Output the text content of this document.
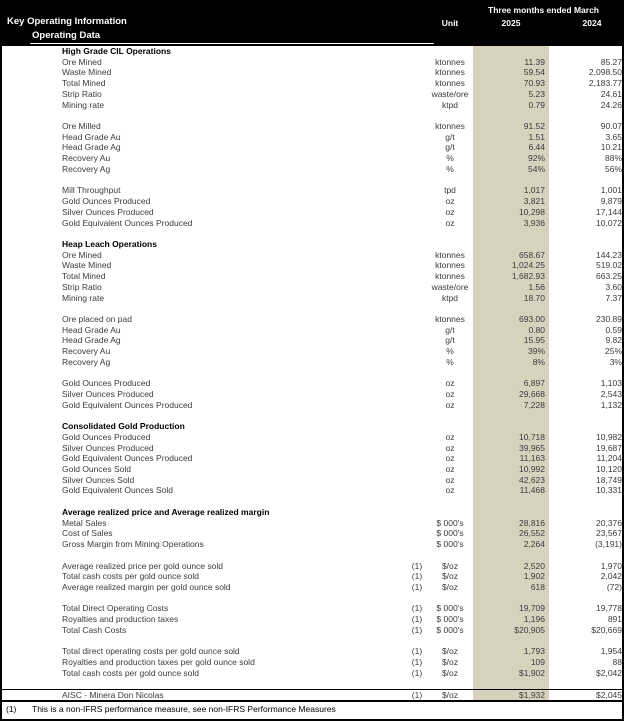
Three months ended March
Key Operating Information	Unit	2025	2024
Operating Data
High Grade CIL Operations
Ore Mined	ktonnes	11.39	85.27
Waste Mined	ktonnes	59.54	2,098.50
Total Mined	ktonnes	70.93	2,183.77
Strip Ratio	waste/ore	5.23	24.61
Mining rate	ktpd	0.79	24.26
Ore Milled	ktonnes	91.52	90.07
Head Grade Au	g/t	1.51	3.65
Head Grade Ag	g/t	6.44	10.21
Recovery Au	%	92%	88%
Recovery Ag	%	54%	56%
Mill Throughput	tpd	1,017	1,001
Gold Ounces Produced	oz	3,821	9,879
Silver Ounces Produced	oz	10,298	17,144
Gold Equivalent Ounces Produced	oz	3,936	10,072
Heap Leach Operations
Ore Mined	ktonnes	658.67	144.23
Waste Mined	ktonnes	1,024.25	519.02
Total Mined	ktonnes	1,682.93	663.25
Strip Ratio	waste/ore	1.56	3.60
Mining rate	ktpd	18.70	7.37
Ore placed on pad	ktonnes	693.00	230.89
Head Grade Au	g/t	0.80	0.59
Head Grade Ag	g/t	15.95	9.82
Recovery Au	%	39%	25%
Recovery Ag	%	8%	3%
Gold Ounces Produced	oz	6,897	1,103
Silver Ounces Produced	oz	29,668	2,543
Gold Equivalent Ounces Produced	oz	7,228	1,132
Consolidated Gold Production
Gold Ounces Produced	oz	10,718	10,982
Silver Ounces Produced	oz	39,965	19,687
Gold Equivalent Ounces Produced	oz	11,163	11,204
Gold Ounces Sold	oz	10,992	10,120
Silver Ounces Sold	oz	42,623	18,749
Gold Equivalent Ounces Sold	oz	11,468	10,331
Average realized price and Average realized margin
Metal Sales	$ 000's	28,816	20,376
Cost of Sales	$ 000's	26,552	23,567
Gross Margin from Mining Operations	$ 000's	2,264	(3,191)
Average realized price per gold ounce sold	(1)	$/oz	2,520	1,970
Total cash costs per gold ounce sold	(1)	$/oz	1,902	2,042
Average realized margin per gold ounce sold	(1)	$/oz	618	(72)
Total Direct Operating Costs	(1)	$ 000's	19,709	19,778
Royalties and production taxes	(1)	$ 000's	1,196	891
Total Cash Costs	(1)	$ 000's	$20,905	$20,669
Total direct operating costs per gold ounce sold	(1)	$/oz	1,793	1,954
Royalties and production taxes per gold ounce sold	(1)	$/oz	109	88
Total cash costs per gold ounce sold	(1)	$/oz	$1,902	$2,042
AISC - Minera Don Nicolas	(1)	$/oz	$1,932	$2,045
(1) This is a non-IFRS performance measure, see non-IFRS Performance Measures
